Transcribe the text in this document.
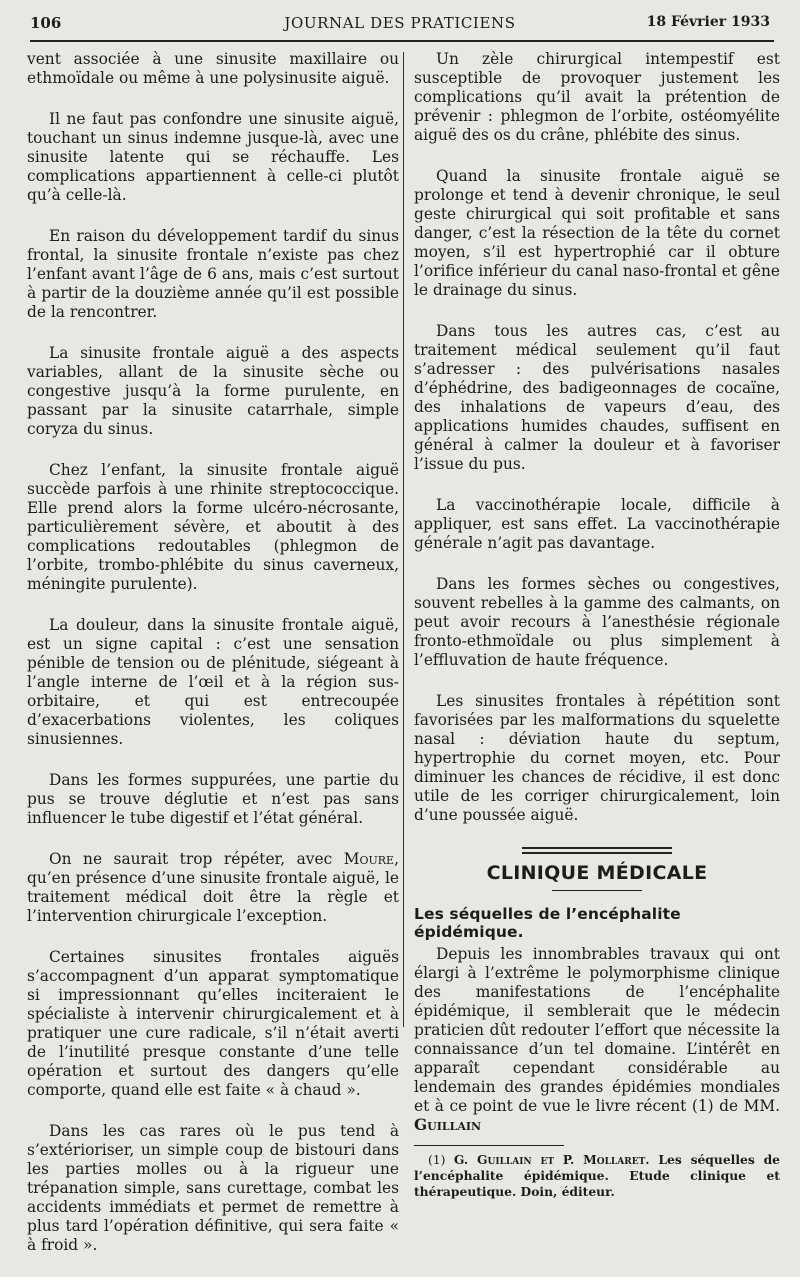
106	JOURNAL DES PRATICIENS	18 Février 1933

vent associée à une sinusite maxillaire ou ethmoïdale ou même à une polysinusite aiguë.

Il ne faut pas confondre une sinusite aiguë, touchant un sinus indemne jusque-là, avec une sinusite latente qui se réchauffe. Les complications appartiennent à celle-ci plutôt qu’à celle-là.

En raison du développement tardif du sinus frontal, la sinusite frontale n’existe pas chez l’enfant avant l’âge de 6 ans, mais c’est surtout à partir de la douzième année qu’il est possible de la rencontrer.

La sinusite frontale aiguë a des aspects variables, allant de la sinusite sèche ou congestive jusqu’à la forme purulente, en passant par la sinusite catarrhale, simple coryza du sinus.

Chez l’enfant, la sinusite frontale aiguë succède parfois à une rhinite streptococcique. Elle prend alors la forme ulcéro-nécrosante, particulièrement sévère, et aboutit à des complications redoutables (phlegmon de l’orbite, trombo-phlébite du sinus caverneux, méningite purulente).

La douleur, dans la sinusite frontale aiguë, est un signe capital : c’est une sensation pénible de tension ou de plénitude, siégeant à l’angle interne de l’œil et à la région sus-orbitaire, et qui est entrecoupée d’exacerbations violentes, les coliques sinusiennes.

Dans les formes suppurées, une partie du pus se trouve déglutie et n’est pas sans influencer le tube digestif et l’état général.

On ne saurait trop répéter, avec Moure, qu’en présence d’une sinusite frontale aiguë, le traitement médical doit être la règle et l’intervention chirurgicale l’exception.

Certaines sinusites frontales aiguës s’accompagnent d’un apparat symptomatique si impressionnant qu’elles inciteraient le spécialiste à intervenir chirurgicalement et à pratiquer une cure radicale, s’il n’était averti de l’inutilité presque constante d’une telle opération et surtout des dangers qu’elle comporte, quand elle est faite « à chaud ».

Dans les cas rares où le pus tend à s’extérioriser, un simple coup de bistouri dans les parties molles ou à la rigueur une trépanation simple, sans curettage, combat les accidents immédiats et permet de remettre à plus tard l’opération définitive, qui sera faite « à froid ».

Un zèle chirurgical intempestif est susceptible de provoquer justement les complications qu’il avait la prétention de prévenir : phlegmon de l’orbite, ostéomyélite aiguë des os du crâne, phlébite des sinus.

Quand la sinusite frontale aiguë se prolonge et tend à devenir chronique, le seul geste chirurgical qui soit profitable et sans danger, c’est la résection de la tête du cornet moyen, s’il est hypertrophié car il obture l’orifice inférieur du canal naso-frontal et gêne le drainage du sinus.

Dans tous les autres cas, c’est au traitement médical seulement qu’il faut s’adresser : des pulvérisations nasales d’éphédrine, des badigeonnages de cocaïne, des inhalations de vapeurs d’eau, des applications humides chaudes, suffisent en général à calmer la douleur et à favoriser l’issue du pus.

La vaccinothérapie locale, difficile à appliquer, est sans effet. La vaccinothérapie générale n’agit pas davantage.

Dans les formes sèches ou congestives, souvent rebelles à la gamme des calmants, on peut avoir recours à l’anesthésie régionale fronto-ethmoïdale ou plus simplement à l’effluvation de haute fréquence.

Les sinusites frontales à répétition sont favorisées par les malformations du squelette nasal : déviation haute du septum, hypertrophie du cornet moyen, etc. Pour diminuer les chances de récidive, il est donc utile de les corriger chirurgicalement, loin d’une poussée aiguë.

CLINIQUE MÉDICALE
Les séquelles de l’encéphalite épidémique.

Depuis les innombrables travaux qui ont élargi à l’extrême le polymorphisme clinique des manifestations de l’encéphalite épidémique, il semblerait que le médecin praticien dût redouter l’effort que nécessite la connaissance d’un tel domaine. L’intérêt en apparaît cependant considérable au lendemain des grandes épidémies mondiales et à ce point de vue le livre récent (1) de MM. Guillain

(1) G. Guillain et P. Mollaret. Les séquelles de l’encéphalite épidémique. Etude clinique et thérapeutique. Doin, éditeur.
